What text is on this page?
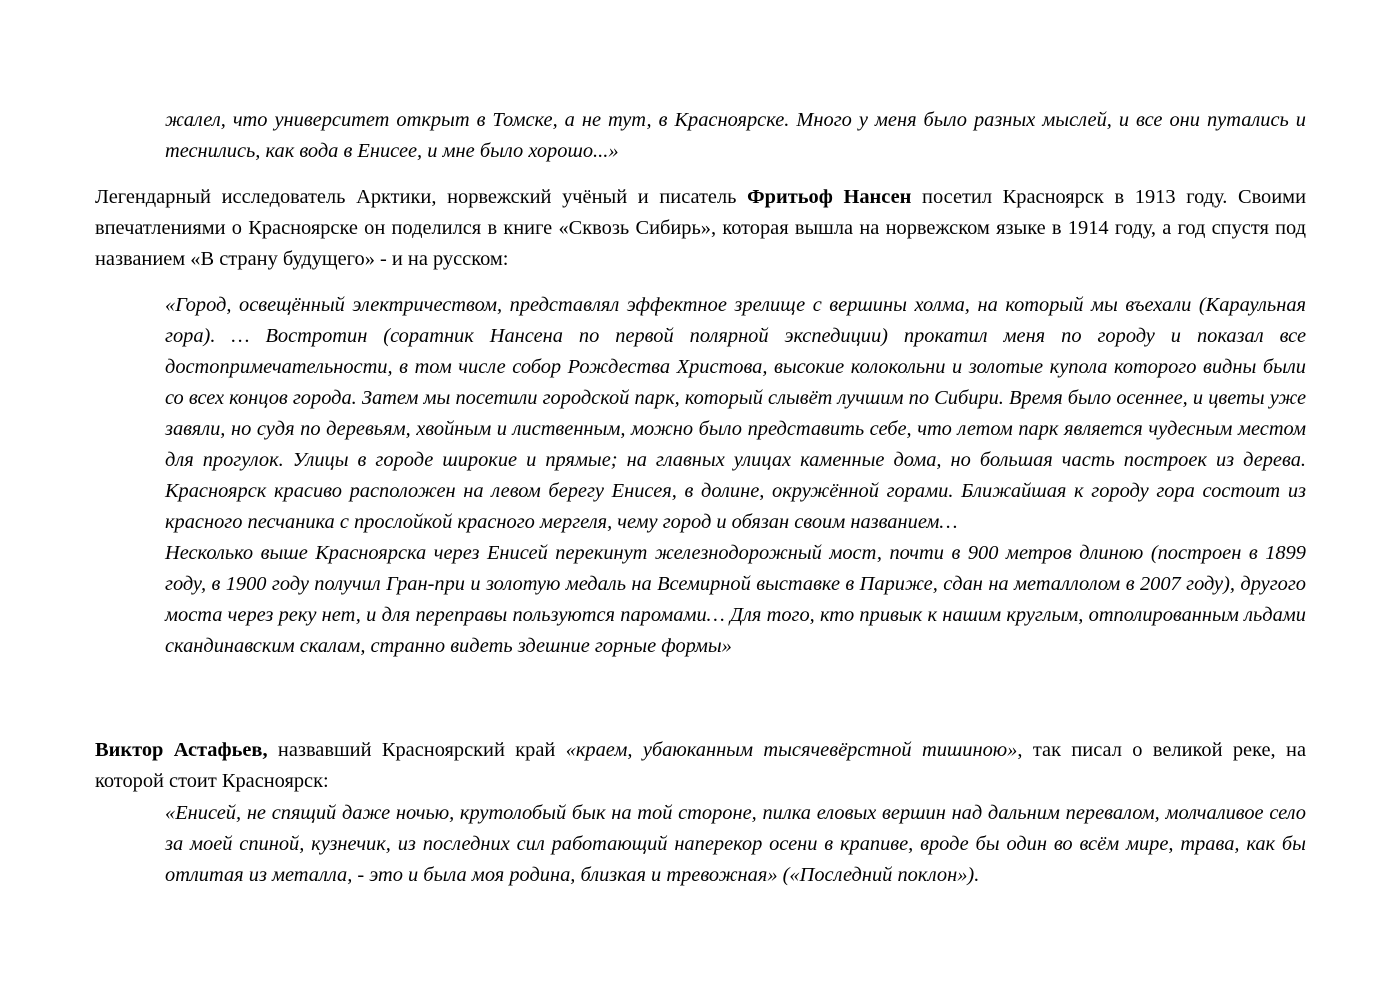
жалел, что университет открыт в Томске, а не тут, в Красноярске. Много у меня было разных мыслей, и все они путались и теснились, как вода в Енисее, и мне было хорошо...»

Легендарный исследователь Арктики, норвежский учёный и писатель Фритьоф Нансен посетил Красноярск в 1913 году. Своими впечатлениями о Красноярске он поделился в книге «Сквозь Сибирь», которая вышла на норвежском языке в 1914 году, а год спустя под названием «В страну будущего» - и на русском:

«Город, освещённый электричеством, представлял эффектное зрелище с вершины холма, на который мы въехали (Караульная гора). … Востротин (соратник Нансена по первой полярной экспедиции) прокатил меня по городу и показал все достопримечательности, в том числе собор Рождества Христова, высокие колокольни и золотые купола которого видны были со всех концов города. Затем мы посетили городской парк, который слывёт лучшим по Сибири. Время было осеннее, и цветы уже завяли, но судя по деревьям, хвойным и лиственным, можно было представить себе, что летом парк является чудесным местом для прогулок. Улицы в городе широкие и прямые; на главных улицах каменные дома, но большая часть построек из дерева. Красноярск красиво расположен на левом берегу Енисея, в долине, окружённой горами. Ближайшая к городу гора состоит из красного песчаника с прослойкой красного мергеля, чему город и обязан своим названием…

Несколько выше Красноярска через Енисей перекинут железнодорожный мост, почти в 900 метров длиною (построен в 1899 году, в 1900 году получил Гран-при и золотую медаль на Всемирной выставке в Париже, сдан на металлолом в 2007 году), другого моста через реку нет, и для переправы пользуются паромами… Для того, кто привык к нашим круглым, отполированным льдами скандинавским скалам, странно видеть здешние горные формы»

Виктор Астафьев, назвавший Красноярский край «краем, убаюканным тысячевёрстной тишиною», так писал о великой реке, на которой стоит Красноярск:

«Енисей, не спящий даже ночью, крутолобый бык на той стороне, пилка еловых вершин над дальним перевалом, молчаливое село за моей спиной, кузнечик, из последних сил работающий наперекор осени в крапиве, вроде бы один во всём мире, трава, как бы отлитая из металла, - это и была моя родина, близкая и тревожная» («Последний поклон»).
